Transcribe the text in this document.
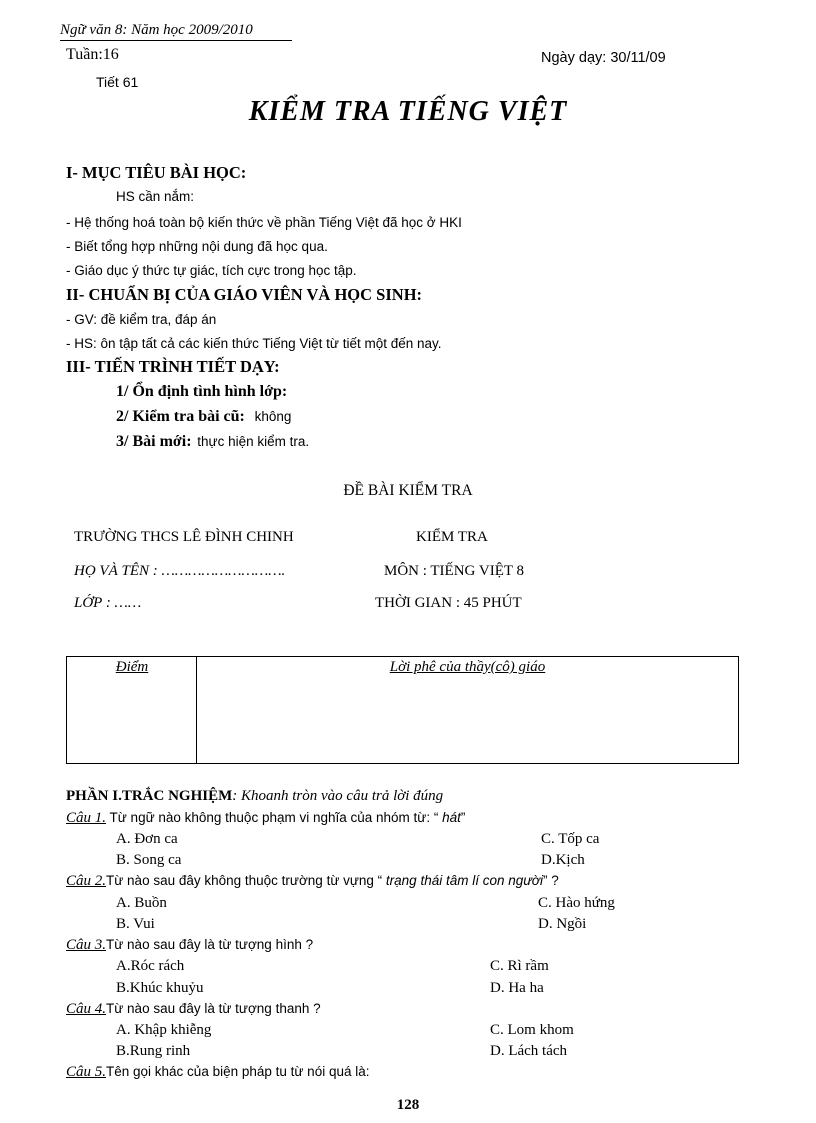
Ngữ văn 8: Năm học 2009/2010
Tuần:16	Ngày dạy: 30/11/09
Tiết 61
KIỂM TRA TIẾNG VIỆT
I- MỤC TIÊU BÀI HỌC:
HS cần nắm:
- Hệ thống hoá toàn bộ kiến thức về phần Tiếng Việt đã học ở HKI
- Biết tổng hợp những nội dung đã học qua.
- Giáo dục ý thức tự giác, tích cực trong học tập.
II- CHUẨN BỊ CỦA GIÁO VIÊN VÀ HỌC SINH:
- GV: đề kiểm tra, đáp án
- HS: ôn tập tất cả các kiến thức Tiếng Việt từ tiết một đến nay.
III- TIẾN TRÌNH TIẾT DẠY:
1/ Ổn định tình hình lớp:
2/ Kiểm tra bài cũ: không
3/ Bài mới: thực hiện kiểm tra.
ĐỀ BÀI KIỂM TRA
TRƯỜNG THCS LÊ ĐÌNH CHINH	KIỂM TRA
HỌ VÀ TÊN : ……………………….	MÔN : TIẾNG VIỆT 8
LỚP : ……	THỜI GIAN : 45 PHÚT
Điểm	Lời phê của thầy(cô) giáo
PHẦN I.TRẮC NGHIỆM: Khoanh tròn vào câu trả lời đúng
Câu 1. Từ ngữ nào không thuộc phạm vi nghĩa của nhóm từ: “ hát”
A. Đơn ca	C. Tốp ca
B. Song ca	D.Kịch
Câu 2.Từ nào sau đây không thuộc trường từ vựng “ trạng thái tâm lí con người” ?
A. Buồn	C. Hào hứng
B. Vui	D. Ngồi
Câu 3.Từ nào sau đây là từ tượng hình ?
A.Róc rách	C. Rì rầm
B.Khúc khuỷu	D. Ha ha
Câu 4.Từ nào sau đây là từ tượng thanh ?
A. Khập khiễng	C. Lom khom
B.Rung rinh	D. Lách tách
Câu 5.Tên gọi khác của biện pháp tu từ nói quá là:
128
